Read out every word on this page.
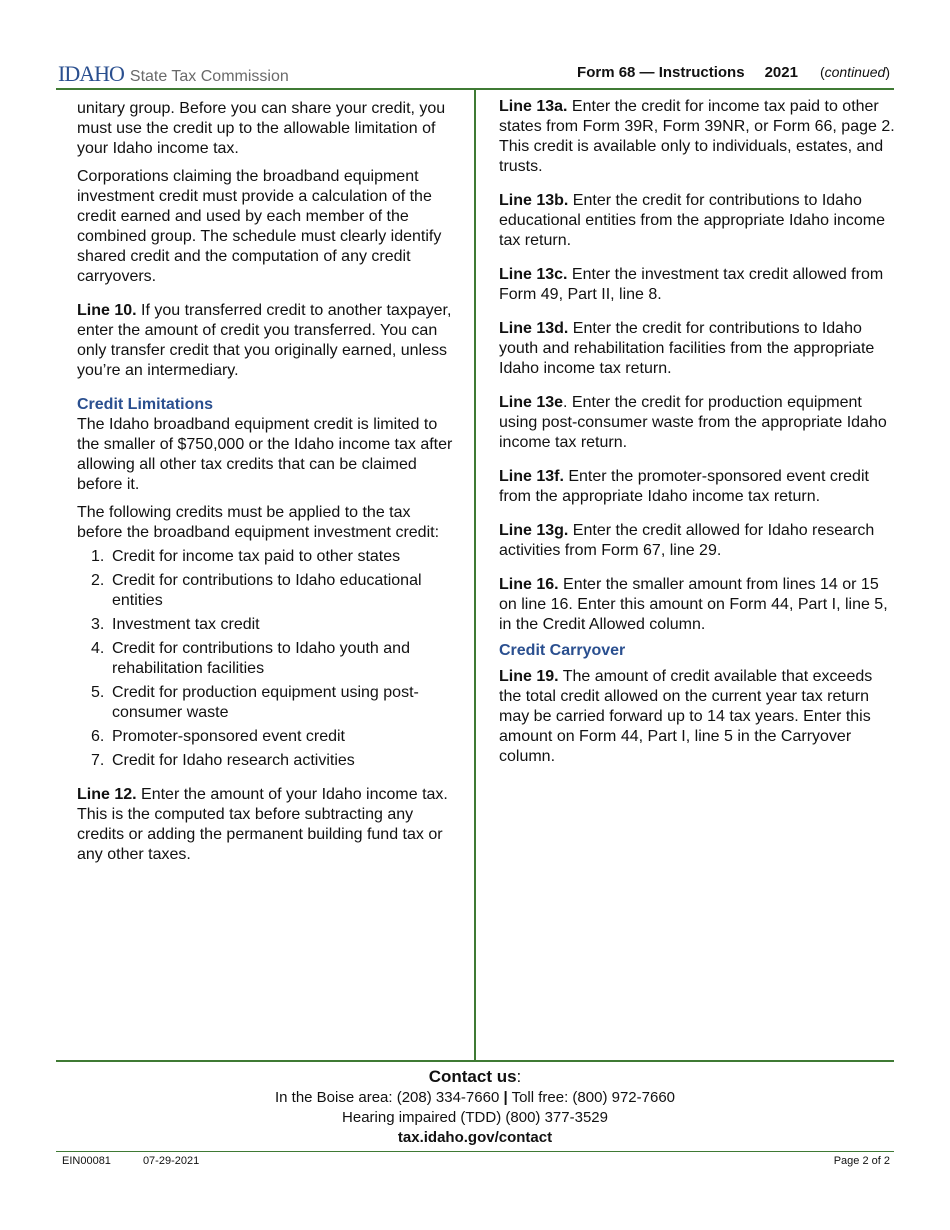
IDAHO State Tax Commission	Form 68 — Instructions 2021 (continued)

unitary group. Before you can share your credit, you must use the credit up to the allowable limitation of your Idaho income tax.

Corporations claiming the broadband equipment investment credit must provide a calculation of the credit earned and used by each member of the combined group. The schedule must clearly identify shared credit and the computation of any credit carryovers.

Line 10. If you transferred credit to another taxpayer, enter the amount of credit you transferred. You can only transfer credit that you originally earned, unless you’re an intermediary.

Credit Limitations

The Idaho broadband equipment credit is limited to the smaller of $750,000 or the Idaho income tax after allowing all other tax credits that can be claimed before it.

The following credits must be applied to the tax before the broadband equipment investment credit:

1. Credit for income tax paid to other states
2. Credit for contributions to Idaho educational entities
3. Investment tax credit
4. Credit for contributions to Idaho youth and rehabilitation facilities
5. Credit for production equipment using post-consumer waste
6. Promoter-sponsored event credit
7. Credit for Idaho research activities

Line 12. Enter the amount of your Idaho income tax. This is the computed tax before subtracting any credits or adding the permanent building fund tax or any other taxes.

Line 13a. Enter the credit for income tax paid to other states from Form 39R, Form 39NR, or Form 66, page 2. This credit is available only to individuals, estates, and trusts.

Line 13b. Enter the credit for contributions to Idaho educational entities from the appropriate Idaho income tax return.

Line 13c. Enter the investment tax credit allowed from Form 49, Part II, line 8.

Line 13d. Enter the credit for contributions to Idaho youth and rehabilitation facilities from the appropriate Idaho income tax return.

Line 13e. Enter the credit for production equipment using post-consumer waste from the appropriate Idaho income tax return.

Line 13f. Enter the promoter-sponsored event credit from the appropriate Idaho income tax return.

Line 13g. Enter the credit allowed for Idaho research activities from Form 67, line 29.

Line 16. Enter the smaller amount from lines 14 or 15 on line 16. Enter this amount on Form 44, Part I, line 5, in the Credit Allowed column.

Credit Carryover

Line 19. The amount of credit available that exceeds the total credit allowed on the current year tax return may be carried forward up to 14 tax years. Enter this amount on Form 44, Part I, line 5 in the Carryover column.

Contact us:
In the Boise area: (208) 334-7660 | Toll free: (800) 972-7660
Hearing impaired (TDD) (800) 377-3529
tax.idaho.gov/contact
EIN00081	07-29-2021	Page 2 of 2
